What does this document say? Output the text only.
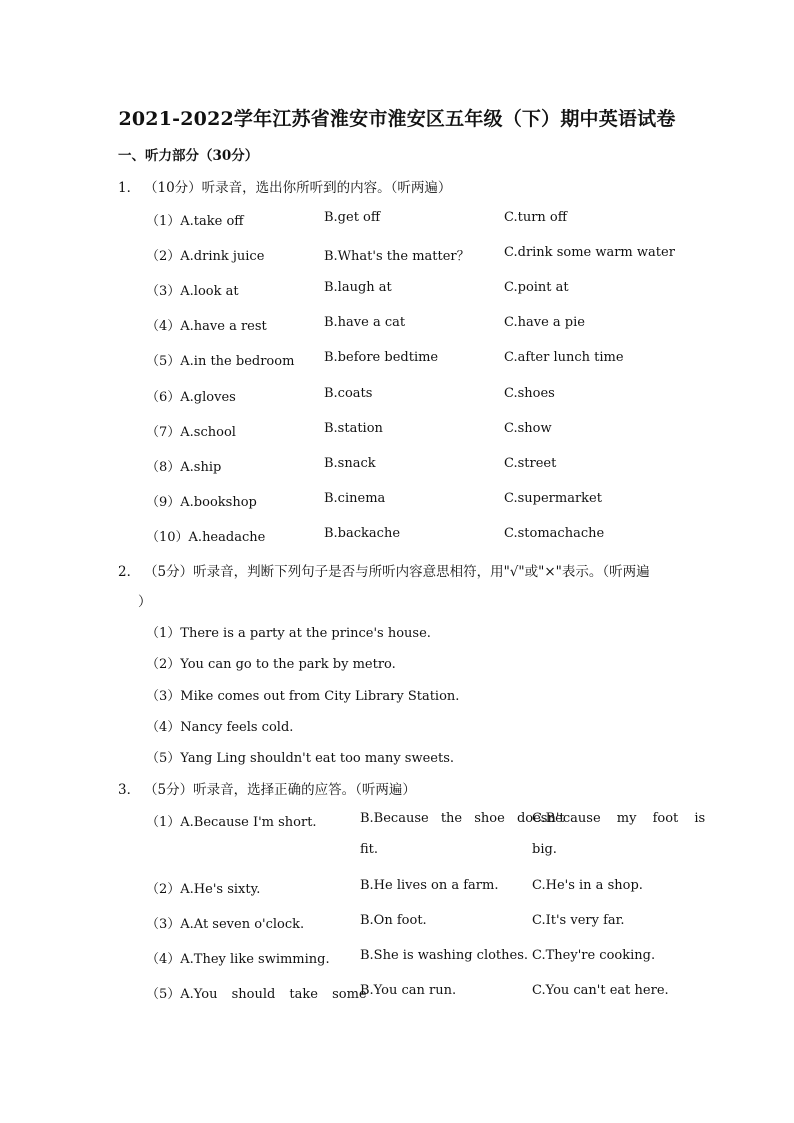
2021-2022学年江苏省淮安市淮安区五年级（下）期中英语试卷
一、听力部分（30分）
1． （10分）听录音，选出你所听到的内容。（听两遍）
（1）A.take off	B.get off	C.turn off
（2）A.drink juice	B.What's the matter？	C.drink some warm water
（3）A.look at	B.laugh at	C.point at
（4）A.have a rest	B.have a cat	C.have a pie
（5）A.in the bedroom B.before bedtime	C.after lunch time
（6）A.gloves	B.coats	C.shoes
（7）A.school	B.station	C.show
（8）A.ship	B.snack	C.street
（9）A.bookshop	B.cinema	C.supermarket
（10）A.headache	B.backache	C.stomachache
2． （5分）听录音，判断下列句子是否与所听内容意思相符，用"√"或"×"表示。（听两遍
）
（1）There is a party at the prince's house.
（2）You can go to the park by metro.
（3）Mike comes out from City Library Station.
（4）Nancy feels cold.
（5）Yang Ling shouldn't eat too many sweets.
3． （5分）听录音，选择正确的应答。（听两遍）
（1）A.Because I'm short.	B.Because the shoe doesn't
fit.
C.Because my foot is
big.
（2）A.He's sixty.	B.He lives on a farm.	C.He's in a shop.
（3）A.At seven o'clock.	B.On foot.	C.It's very far.
（4）A.They like swimming. B.She is washing clothes. C.They're cooking.
（5）A.You should take some
B.You can run.	C.You can't eat here.
